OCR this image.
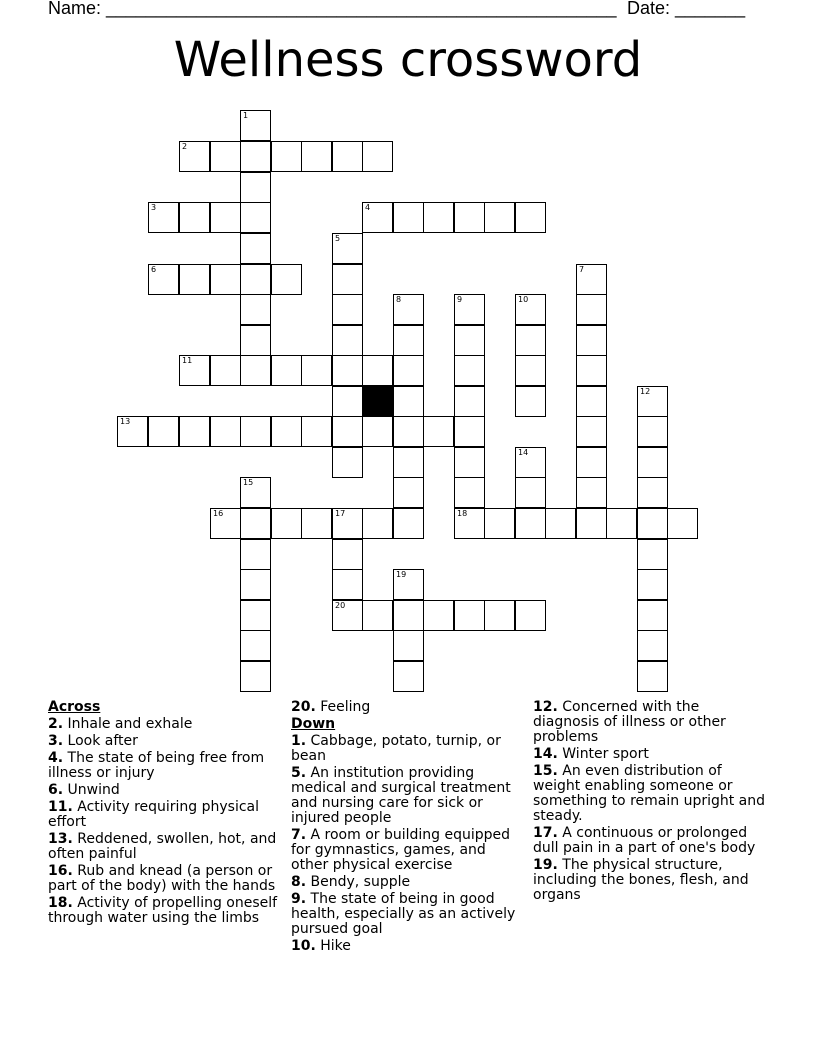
Name: ___________________________________________________ Date: _______
Wellness crossword
1
2
3	4
5
6	7
8	9	10
11
12
13
14
15
16	17	18
19
20
Across
2. Inhale and exhale
3. Look after
4. The state of being free from illness or injury
6. Unwind
11. Activity requiring physical effort
13. Reddened, swollen, hot, and often painful
16. Rub and knead (a person or part of the body) with the hands
18. Activity of propelling oneself through water using the limbs
20. Feeling
Down
1. Cabbage, potato, turnip, or bean
5. An institution providing medical and surgical treatment and nursing care for sick or injured people
7. A room or building equipped for gymnastics, games, and other physical exercise
8. Bendy, supple
9. The state of being in good health, especially as an actively pursued goal
10. Hike
12. Concerned with the diagnosis of illness or other problems
14. Winter sport
15. An even distribution of weight enabling someone or something to remain upright and steady.
17. A continuous or prolonged dull pain in a part of one's body
19. The physical structure, including the bones, flesh, and organs
